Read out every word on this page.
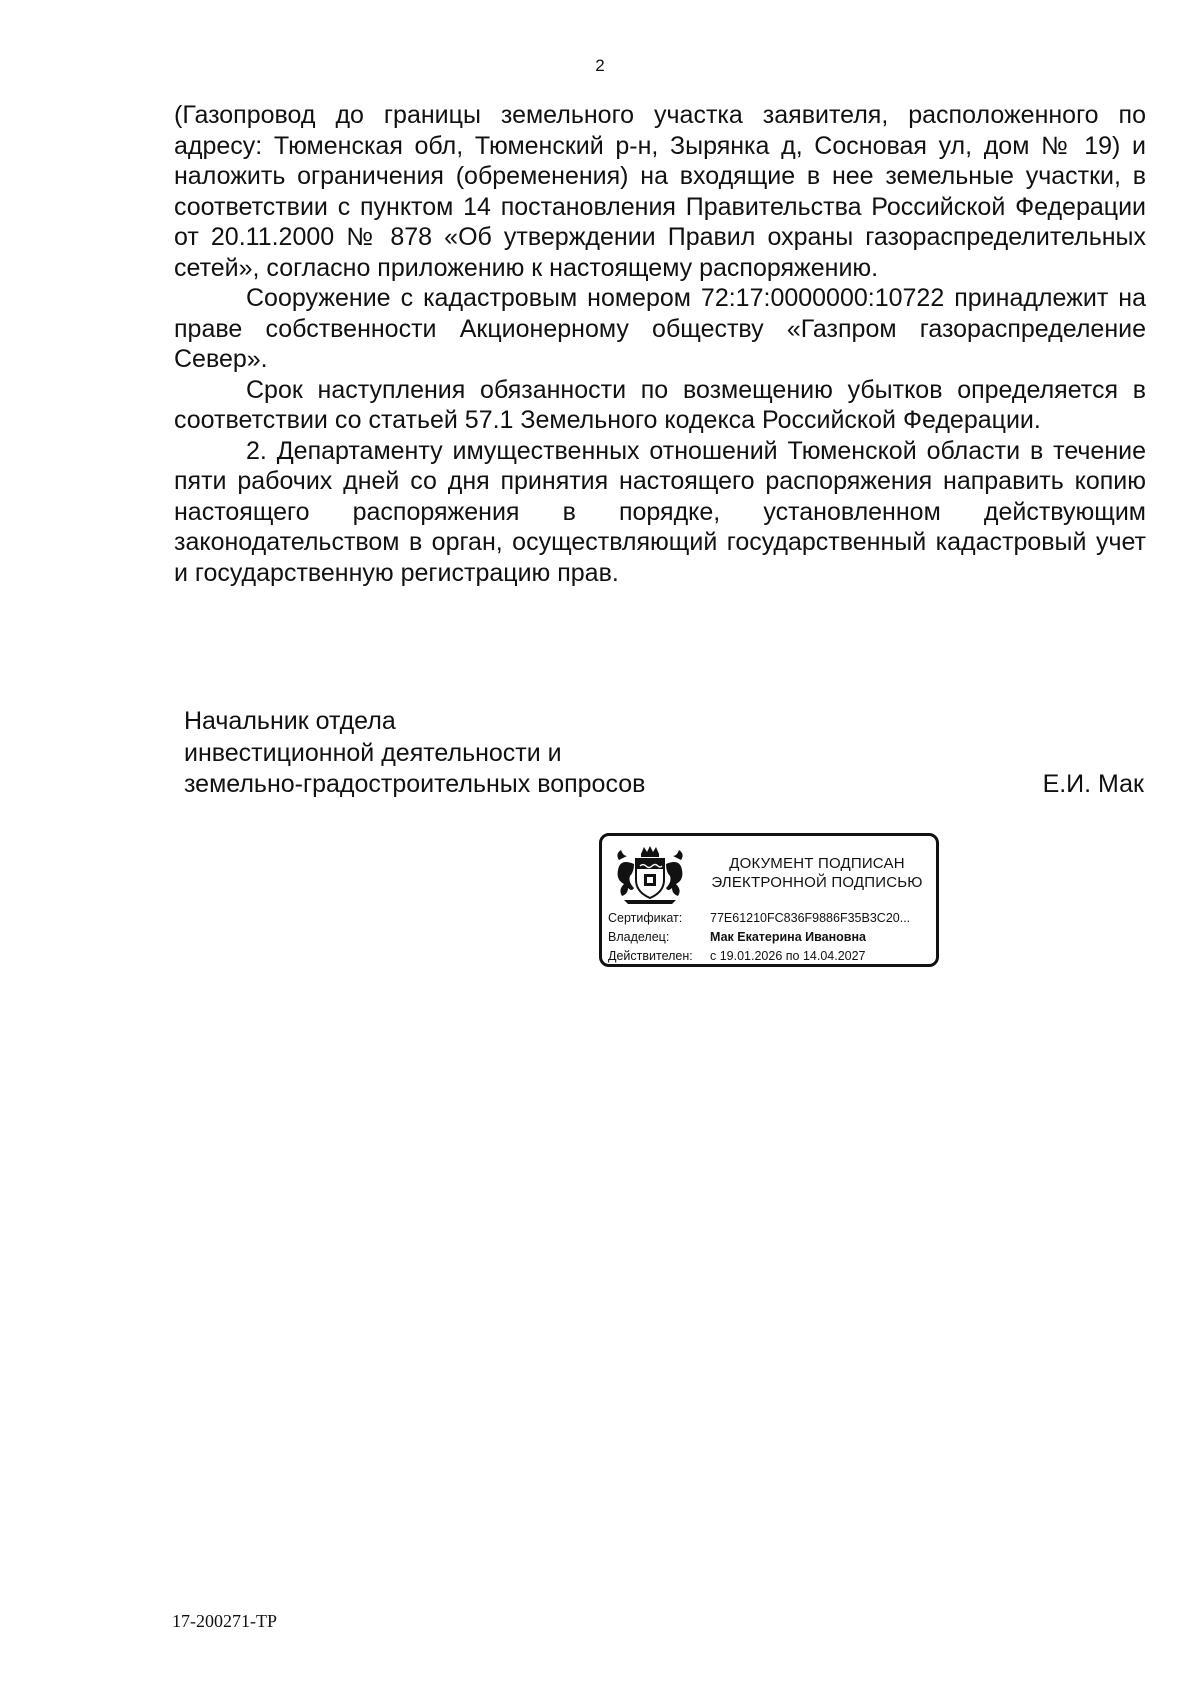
2

(Газопровод до границы земельного участка заявителя, расположенного по адресу: Тюменская обл, Тюменский р-н, Зырянка д, Сосновая ул, дом № 19) и наложить ограничения (обременения) на входящие в нее земельные участки, в соответствии с пунктом 14 постановления Правительства Российской Федерации от 20.11.2000 № 878 «Об утверждении Правил охраны газораспределительных сетей», согласно приложению к настоящему распоряжению.

Сооружение с кадастровым номером 72:17:0000000:10722 принадлежит на праве собственности Акционерному обществу «Газпром газораспределение Север».

Срок наступления обязанности по возмещению убытков определяется в соответствии со статьей 57.1 Земельного кодекса Российской Федерации.

2. Департаменту имущественных отношений Тюменской области в течение пяти рабочих дней со дня принятия настоящего распоряжения направить копию настоящего распоряжения в порядке, установленном действующим законодательством в орган, осуществляющий государственный кадастровый учет и государственную регистрацию прав.

Начальник отдела
инвестиционной деятельности и
земельно-градостроительных вопросов	Е.И. Мак
ДОКУМЕНТ ПОДПИСАН
ЭЛЕКТРОННОЙ ПОДПИСЬЮ
Сертификат:	77E61210FC836F9886F35B3C20...
Владелец:	Мак Екатерина Ивановна
Действителен:	с 19.01.2026 по 14.04.2027
17-200271-ТР
